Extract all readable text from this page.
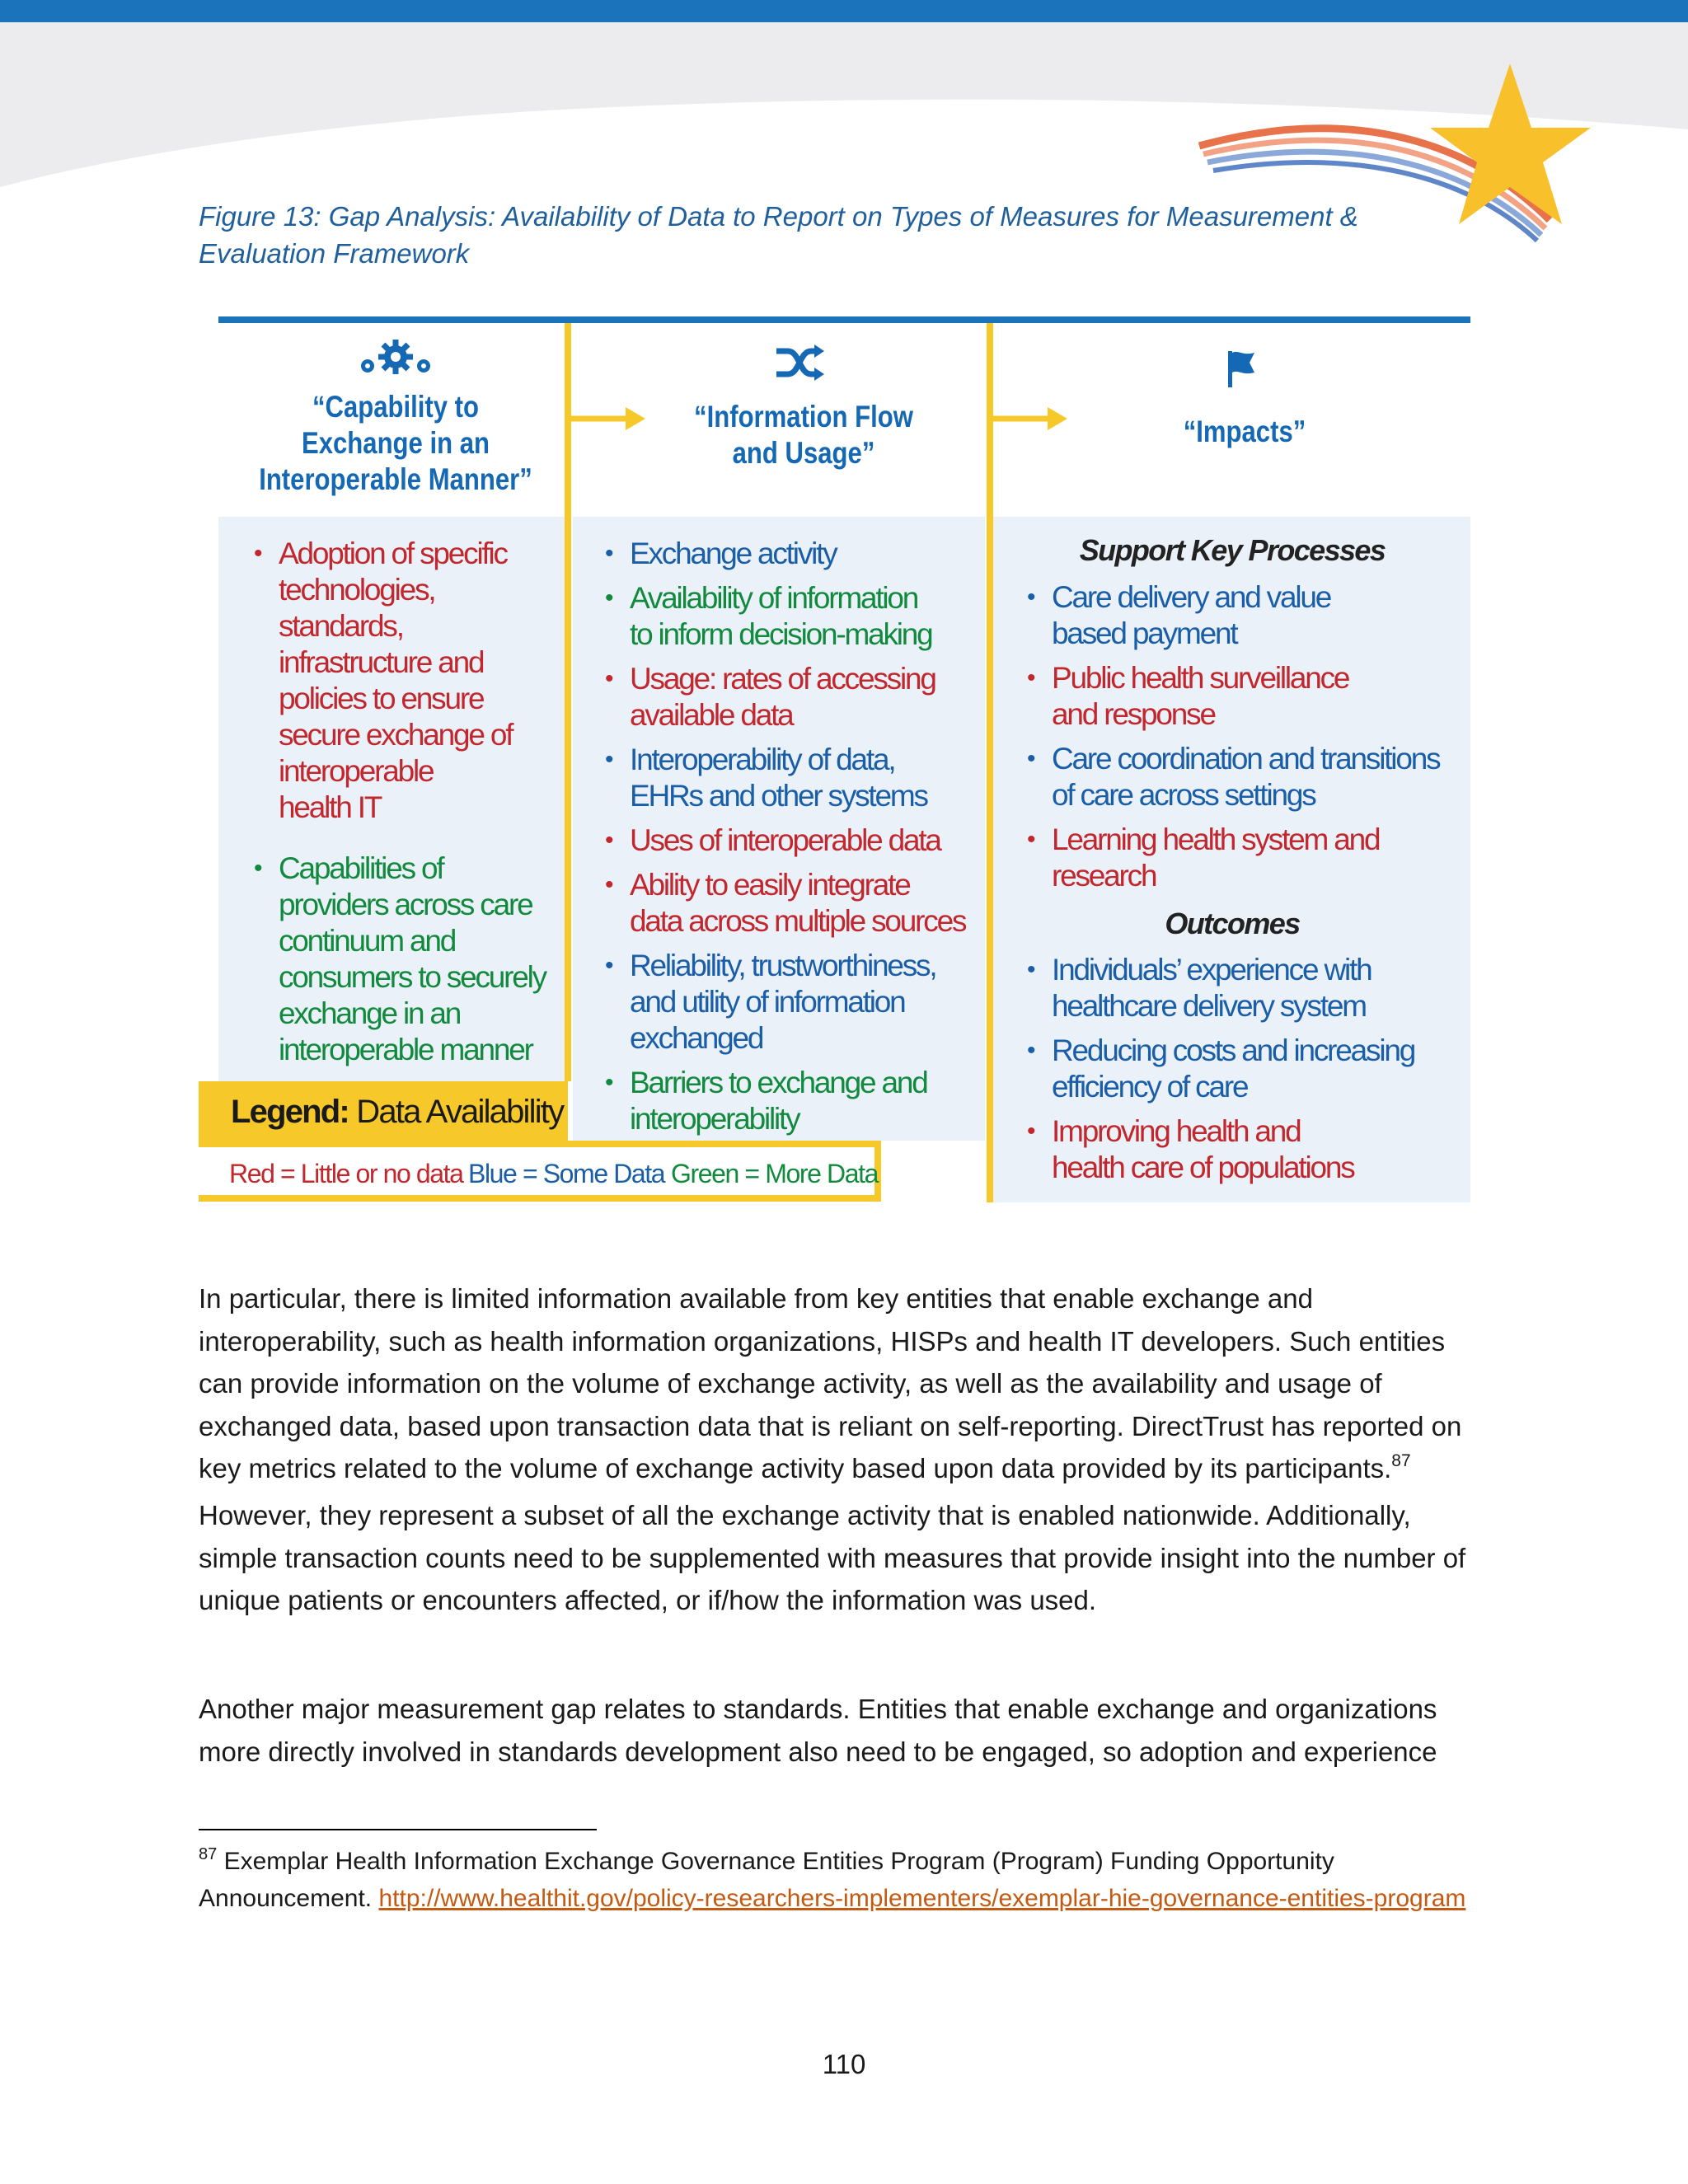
Figure 13: Gap Analysis: Availability of Data to Report on Types of Measures for Measurement &
Evaluation Framework
“Capability to
Exchange in an
Interoperable Manner”
• Adoption of specific
technologies,
standards,
infrastructure and
policies to ensure
secure exchange of
interoperable
health IT
• Capabilities of
providers across care
continuum and
consumers to securely
exchange in an
interoperable manner
“Information Flow
and Usage”
• Exchange activity
• Availability of information
to inform decision-making
• Usage: rates of accessing
available data
• Interoperability of data,
EHRs and other systems
• Uses of interoperable data
• Ability to easily integrate
data across multiple sources
• Reliability, trustworthiness,
and utility of information
exchanged
• Barriers to exchange and
interoperability
“Impacts”
Support Key Processes
• Care delivery and value
based payment
• Public health surveillance
and response
• Care coordination and transitions
of care across settings
• Learning health system and research
Outcomes
• Individuals’ experience with
healthcare delivery system
• Reducing costs and increasing
efficiency of care
• Improving health and
health care of populations
Legend: Data Availability
Red = Little or no data Blue = Some Data Green = More Data
In particular, there is limited information available from key entities that enable exchange and interoperability, such as health information organizations, HISPs and health IT developers. Such entities can provide information on the volume of exchange activity, as well as the availability and usage of exchanged data, based upon transaction data that is reliant on self-reporting. DirectTrust has reported on key metrics related to the volume of exchange activity based upon data provided by its participants.$^{87}$  However, they represent a subset of all the exchange activity that is enabled nationwide. Additionally, simple transaction counts need to be supplemented with measures that provide insight into the number of unique patients or encounters affected, or if/how the information was used.
Another major measurement gap relates to standards. Entities that enable exchange and organizations more directly involved in standards development also need to be engaged, so adoption and experience
$^{87}$ Exemplar Health Information Exchange Governance Entities Program (Program) Funding Opportunity Announcement. http://www.healthit.gov/policy-researchers-implementers/exemplar-hie-governance-entities-program
110
